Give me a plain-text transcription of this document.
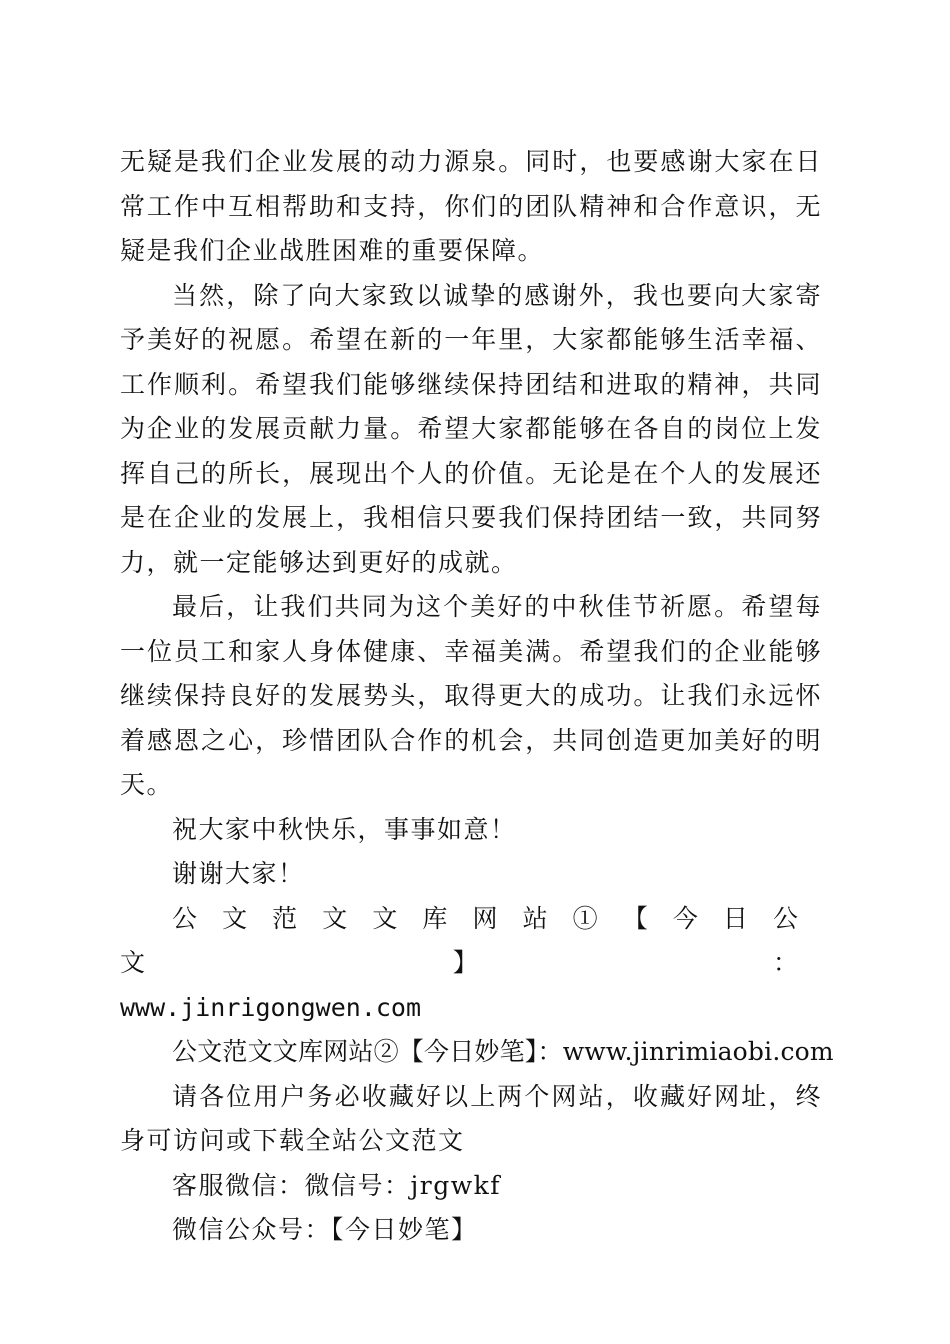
无疑是我们企业发展的动力源泉。同时，也要感谢大家在日常工作中互相帮助和支持，你们的团队精神和合作意识，无疑是我们企业战胜困难的重要保障。

当然，除了向大家致以诚挚的感谢外，我也要向大家寄予美好的祝愿。希望在新的一年里，大家都能够生活幸福、工作顺利。希望我们能够继续保持团结和进取的精神，共同为企业的发展贡献力量。希望大家都能够在各自的岗位上发挥自己的所长，展现出个人的价值。无论是在个人的发展还是在企业的发展上，我相信只要我们保持团结一致，共同努力，就一定能够达到更好的成就。

最后，让我们共同为这个美好的中秋佳节祈愿。希望每一位员工和家人身体健康、幸福美满。希望我们的企业能够继续保持良好的发展势头，取得更大的成功。让我们永远怀着感恩之心，珍惜团队合作的机会，共同创造更加美好的明天。

祝大家中秋快乐，事事如意！

谢谢大家！

公文范文文库网站①【今日公文】：

www.jinrigongwen.com

公文范文文库网站②【今日妙笔】：www.jinrimiaobi.com

请各位用户务必收藏好以上两个网站，收藏好网址，终身可访问或下载全站公文范文

客服微信：微信号：jrgwkf

微信公众号：【今日妙笔】
